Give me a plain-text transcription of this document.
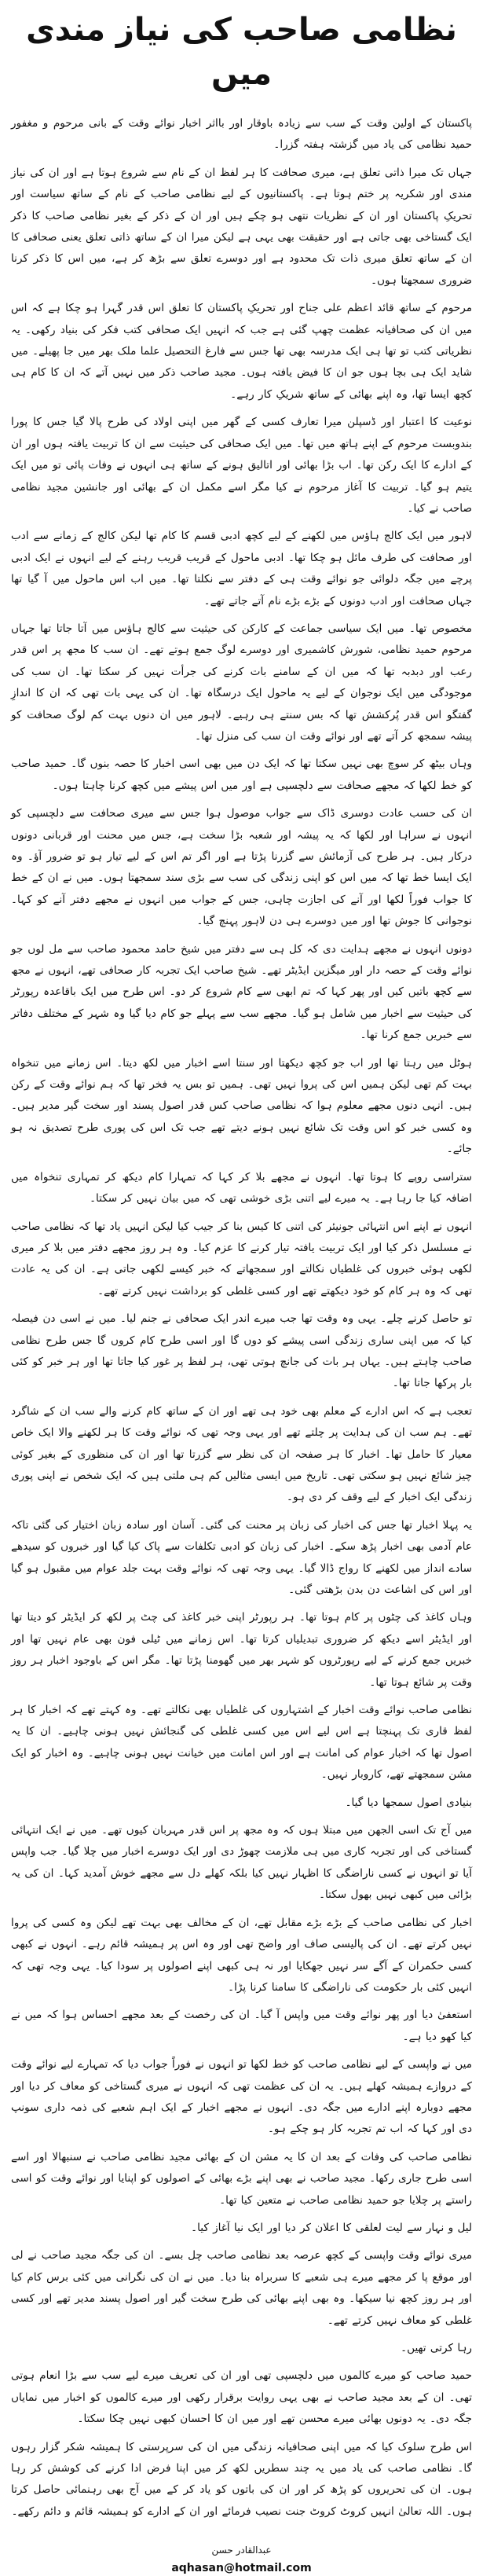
نظامی صاحب کی نیاز مندی میں

پاکستان کے اولین وقت کے سب سے زیادہ باوقار اور بااثر اخبار نوائے وقت کے بانی مرحوم و مغفور حمید نظامی کی یاد میں گزشتہ ہفتہ گزرا۔

جہاں تک میرا ذاتی تعلق ہے، میری صحافت کا ہر لفظ ان کے نام سے شروع ہوتا ہے اور ان کی نیاز مندی اور شکریہ پر ختم ہوتا ہے۔ پاکستانیوں کے لیے نظامی صاحب کے نام کے ساتھ سیاست اور تحریکِ پاکستان اور ان کے نظریات نتھی ہو چکے ہیں اور ان کے ذکر کے بغیر نظامی صاحب کا ذکر ایک گستاخی بھی جاتی ہے اور حقیقت بھی یہی ہے لیکن میرا ان کے ساتھ ذاتی تعلق یعنی صحافی کا ان کے ساتھ تعلق میری ذات تک محدود ہے اور دوسرے تعلق سے بڑھ کر ہے، میں اس کا ذکر کرنا ضروری سمجھتا ہوں۔

مرحوم کے ساتھ قائد اعظم علی جناح اور تحریکِ پاکستان کا تعلق اس قدر گہرا ہو چکا ہے کہ اس میں ان کی صحافیانہ عظمت چھپ گئی ہے جب کہ انہیں ایک صحافی کتب فکر کی بنیاد رکھی۔ یہ نظریاتی کتب تو تھا ہی ایک مدرسہ بھی تھا جس سے فارغ التحصیل علما ملک بھر میں جا پھیلے۔ میں شاید ایک ہی بچا ہوں جو ان کا فیض یافتہ ہوں۔ مجید صاحب ذکر میں نہیں آتے کہ ان کا کام ہی کچھ ایسا تھا، وہ اپنے بھائی کے ساتھ شریکِ کار رہے۔

نوعیت کا اعتبار اور ڈسپلن میرا تعارف کسی کے گھر میں اپنی اولاد کی طرح پالا گیا جس کا پورا بندوبست مرحوم کے اپنے ہاتھ میں تھا۔ میں ایک صحافی کی حیثیت سے ان کا تربیت یافتہ ہوں اور ان کے ادارے کا ایک رکن تھا۔ اب بڑا بھائی اور اتالیق ہونے کے ساتھ ہی انہوں نے وفات پائی تو میں ایک یتیم ہو گیا۔ تربیت کا آغاز مرحوم نے کیا مگر اسے مکمل ان کے بھائی اور جانشین مجید نظامی صاحب نے کیا۔

لاہور میں ایک کالج ہاؤس میں لکھنے کے لیے کچھ ادبی قسم کا کام تھا لیکن کالج کے زمانے سے ادب اور صحافت کی طرف مائل ہو چکا تھا۔ ادبی ماحول کے قریب قریب رہنے کے لیے انہوں نے ایک ادبی پرچے میں جگہ دلوائی جو نوائے وقت ہی کے دفتر سے نکلتا تھا۔ میں اب اس ماحول میں آ گیا تھا جہاں صحافت اور ادب دونوں کے بڑے بڑے نام آتے جاتے تھے۔

مخصوص تھا۔ میں ایک سیاسی جماعت کے کارکن کی حیثیت سے کالج ہاؤس میں آتا جاتا تھا جہاں مرحوم حمید نظامی، شورش کاشمیری اور دوسرے لوگ جمع ہوتے تھے۔ ان سب کا مجھ پر اس قدر رعب اور دبدبہ تھا کہ میں ان کے سامنے بات کرنے کی جرأت نہیں کر سکتا تھا۔ ان سب کی موجودگی میں ایک نوجوان کے لیے یہ ماحول ایک درسگاہ تھا۔ ان کی یہی بات تھی کہ ان کا اندازِ گفتگو اس قدر پُرکشش تھا کہ بس سنتے ہی رہیے۔ لاہور میں ان دنوں بہت کم لوگ صحافت کو پیشہ سمجھ کر آتے تھے اور نوائے وقت ان سب کی منزل تھا۔

وہاں بیٹھ کر سوچ بھی نہیں سکتا تھا کہ ایک دن میں بھی اسی اخبار کا حصہ بنوں گا۔ حمید صاحب کو خط لکھا کہ مجھے صحافت سے دلچسپی ہے اور میں اس پیشے میں کچھ کرنا چاہتا ہوں۔

ان کی حسب عادت دوسری ڈاک سے جواب موصول ہوا جس سے میری صحافت سے دلچسپی کو انہوں نے سراہا اور لکھا کہ یہ پیشہ اور شعبہ بڑا سخت ہے، جس میں محنت اور قربانی دونوں درکار ہیں۔ ہر طرح کی آزمائش سے گزرنا پڑتا ہے اور اگر تم اس کے لیے تیار ہو تو ضرور آؤ۔ وہ ایک ایسا خط تھا کہ میں اس کو اپنی زندگی کی سب سے بڑی سند سمجھتا ہوں۔ میں نے ان کے خط کا جواب فوراً لکھا اور آنے کی اجازت چاہی، جس کے جواب میں انہوں نے مجھے دفتر آنے کو کہا۔ نوجوانی کا جوش تھا اور میں دوسرے ہی دن لاہور پہنچ گیا۔

دونوں انہوں نے مجھے ہدایت دی کہ کل ہی سے دفتر میں شیخ حامد محمود صاحب سے مل لوں جو نوائے وقت کے حصہ دار اور میگزین ایڈیٹر تھے۔ شیخ صاحب ایک تجربہ کار صحافی تھے، انہوں نے مجھ سے کچھ باتیں کیں اور پھر کہا کہ تم ابھی سے کام شروع کر دو۔ اس طرح میں ایک باقاعدہ رپورٹر کی حیثیت سے اخبار میں شامل ہو گیا۔ مجھے سب سے پہلے جو کام دیا گیا وہ شہر کے مختلف دفاتر سے خبریں جمع کرنا تھا۔

ہوٹل میں رہتا تھا اور اب جو کچھ دیکھتا اور سنتا اسے اخبار میں لکھ دیتا۔ اس زمانے میں تنخواہ بہت کم تھی لیکن ہمیں اس کی پروا نہیں تھی۔ ہمیں تو بس یہ فخر تھا کہ ہم نوائے وقت کے رکن ہیں۔ انہی دنوں مجھے معلوم ہوا کہ نظامی صاحب کس قدر اصول پسند اور سخت گیر مدیر ہیں۔ وہ کسی خبر کو اس وقت تک شائع نہیں ہونے دیتے تھے جب تک اس کی پوری طرح تصدیق نہ ہو جائے۔

ستراسی روپے کا ہوتا تھا۔ انہوں نے مجھے بلا کر کہا کہ تمہارا کام دیکھ کر تمہاری تنخواہ میں اضافہ کیا جا رہا ہے۔ یہ میرے لیے اتنی بڑی خوشی تھی کہ میں بیان نہیں کر سکتا۔

انہوں نے اپنے اس انتہائی جونیئر کی اتنی کا کیس بنا کر جیب کیا لیکن انہیں یاد تھا کہ نظامی صاحب نے مسلسل ذکر کیا اور ایک تربیت یافتہ تیار کرنے کا عزم کیا۔ وہ ہر روز مجھے دفتر میں بلا کر میری لکھی ہوئی خبروں کی غلطیاں نکالتے اور سمجھاتے کہ خبر کیسے لکھی جاتی ہے۔ ان کی یہ عادت تھی کہ وہ ہر کام کو خود دیکھتے تھے اور کسی غلطی کو برداشت نہیں کرتے تھے۔

تو حاصل کرنے چلے۔ یہی وہ وقت تھا جب میرے اندر ایک صحافی نے جنم لیا۔ میں نے اسی دن فیصلہ کیا کہ میں اپنی ساری زندگی اسی پیشے کو دوں گا اور اسی طرح کام کروں گا جس طرح نظامی صاحب چاہتے ہیں۔ یہاں ہر بات کی جانچ ہوتی تھی، ہر لفظ پر غور کیا جاتا تھا اور ہر خبر کو کئی بار پرکھا جاتا تھا۔

تعجب ہے کہ اس ادارے کے معلم بھی خود ہی تھے اور ان کے ساتھ کام کرنے والے سب ان کے شاگرد تھے۔ ہم سب ان کی ہدایت پر چلتے تھے اور یہی وجہ تھی کہ نوائے وقت کا ہر لکھنے والا ایک خاص معیار کا حامل تھا۔ اخبار کا ہر صفحہ ان کی نظر سے گزرتا تھا اور ان کی منظوری کے بغیر کوئی چیز شائع نہیں ہو سکتی تھی۔ تاریخ میں ایسی مثالیں کم ہی ملتی ہیں کہ ایک شخص نے اپنی پوری زندگی ایک اخبار کے لیے وقف کر دی ہو۔

یہ پہلا اخبار تھا جس کی اخبار کی زبان پر محنت کی گئی۔ آسان اور سادہ زبان اختیار کی گئی تاکہ عام آدمی بھی اخبار پڑھ سکے۔ اخبار کی زبان کو ادبی تکلفات سے پاک کیا گیا اور خبروں کو سیدھے سادے انداز میں لکھنے کا رواج ڈالا گیا۔ یہی وجہ تھی کہ نوائے وقت بہت جلد عوام میں مقبول ہو گیا اور اس کی اشاعت دن بدن بڑھتی گئی۔

وہاں کاغذ کی چٹوں پر کام ہوتا تھا۔ ہر رپورٹر اپنی خبر کاغذ کی چٹ پر لکھ کر ایڈیٹر کو دیتا تھا اور ایڈیٹر اسے دیکھ کر ضروری تبدیلیاں کرتا تھا۔ اس زمانے میں ٹیلی فون بھی عام نہیں تھا اور خبریں جمع کرنے کے لیے رپورٹروں کو شہر بھر میں گھومنا پڑتا تھا۔ مگر اس کے باوجود اخبار ہر روز وقت پر شائع ہوتا تھا۔

نظامی صاحب نوائے وقت اخبار کے اشتہاروں کی غلطیاں بھی نکالتے تھے۔ وہ کہتے تھے کہ اخبار کا ہر لفظ قاری تک پہنچتا ہے اس لیے اس میں کسی غلطی کی گنجائش نہیں ہونی چاہیے۔ ان کا یہ اصول تھا کہ اخبار عوام کی امانت ہے اور اس امانت میں خیانت نہیں ہونی چاہیے۔ وہ اخبار کو ایک مشن سمجھتے تھے، کاروبار نہیں۔

بنیادی اصول سمجھا دیا گیا۔

میں آج تک اسی الجھن میں مبتلا ہوں کہ وہ مجھ پر اس قدر مہربان کیوں تھے۔ میں نے ایک انتہائی گستاخی کی اور تجربہ کاری میں ہی ملازمت چھوڑ دی اور ایک دوسرے اخبار میں چلا گیا۔ جب واپس آیا تو انہوں نے کسی ناراضگی کا اظہار نہیں کیا بلکہ کھلے دل سے مجھے خوش آمدید کہا۔ ان کی یہ بڑائی میں کبھی نہیں بھول سکتا۔

اخبار کی نظامی صاحب کے بڑے بڑے مقابل تھے، ان کے مخالف بھی بہت تھے لیکن وہ کسی کی پروا نہیں کرتے تھے۔ ان کی پالیسی صاف اور واضح تھی اور وہ اس پر ہمیشہ قائم رہے۔ انہوں نے کبھی کسی حکمران کے آگے سر نہیں جھکایا اور نہ ہی کبھی اپنے اصولوں پر سودا کیا۔ یہی وجہ تھی کہ انہیں کئی بار حکومت کی ناراضگی کا سامنا کرنا پڑا۔

استعفیٰ دیا اور پھر نوائے وقت میں واپس آ گیا۔ ان کی رخصت کے بعد مجھے احساس ہوا کہ میں نے کیا کھو دیا ہے۔

میں نے واپسی کے لیے نظامی صاحب کو خط لکھا تو انہوں نے فوراً جواب دیا کہ تمہارے لیے نوائے وقت کے دروازے ہمیشہ کھلے ہیں۔ یہ ان کی عظمت تھی کہ انہوں نے میری گستاخی کو معاف کر دیا اور مجھے دوبارہ اپنے ادارے میں جگہ دی۔ انہوں نے مجھے اخبار کے ایک اہم شعبے کی ذمہ داری سونپ دی اور کہا کہ اب تم تجربہ کار ہو چکے ہو۔

نظامی صاحب کی وفات کے بعد ان کا یہ مشن ان کے بھائی مجید نظامی صاحب نے سنبھالا اور اسے اسی طرح جاری رکھا۔ مجید صاحب نے بھی اپنے بڑے بھائی کے اصولوں کو اپنایا اور نوائے وقت کو اسی راستے پر چلایا جو حمید نظامی صاحب نے متعین کیا تھا۔

لیل و نہار سے لیت لعلقی کا اعلان کر دیا اور ایک نیا آغاز کیا۔

میری نوائے وقت واپسی کے کچھ عرصہ بعد نظامی صاحب چل بسے۔ ان کی جگہ مجید صاحب نے لی اور موقع پا کر مجھے میرے ہی شعبے کا سربراہ بنا دیا۔ میں نے ان کی نگرانی میں کئی برس کام کیا اور ہر روز کچھ نیا سیکھا۔ وہ بھی اپنے بھائی کی طرح سخت گیر اور اصول پسند مدیر تھے اور کسی غلطی کو معاف نہیں کرتے تھے۔

رہا کرتی تھیں۔

حمید صاحب کو میرے کالموں میں دلچسپی تھی اور ان کی تعریف میرے لیے سب سے بڑا انعام ہوتی تھی۔ ان کے بعد مجید صاحب نے بھی یہی روایت برقرار رکھی اور میرے کالموں کو اخبار میں نمایاں جگہ دی۔ یہ دونوں بھائی میرے محسن تھے اور میں ان کا احسان کبھی نہیں چکا سکتا۔

اس طرح سلوک کیا کہ میں اپنی صحافیانہ زندگی میں ان کی سرپرستی کا ہمیشہ شکر گزار رہوں گا۔ نظامی صاحب کی یاد میں یہ چند سطریں لکھ کر میں اپنا فرض ادا کرنے کی کوشش کر رہا ہوں۔ ان کی تحریروں کو پڑھ کر اور ان کی باتوں کو یاد کر کے میں آج بھی رہنمائی حاصل کرتا ہوں۔ اللہ تعالیٰ انہیں کروٹ کروٹ جنت نصیب فرمائے اور ان کے ادارے کو ہمیشہ قائم و دائم رکھے۔

عبدالقادر حسن
aqhasan@hotmail.com
